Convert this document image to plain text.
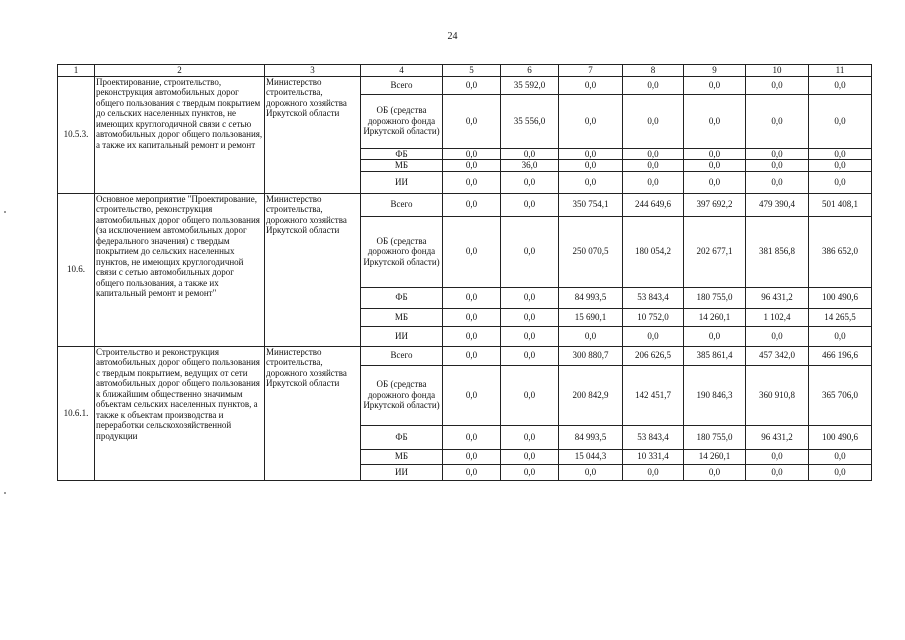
24
1	2	3	4	5	6	7	8	9	10	11
10.5.3.	Проектирование, строительство, реконструкция автомобильных дорог общего пользования с твердым покрытием до сельских населенных пунктов, не имеющих круглогодичной связи с сетью автомобильных дорог общего пользования, а также их капитальный ремонт и ремонт	Министерство строительства, дорожного хозяйства Иркутской области	Всего	0,0	35 592,0	0,0	0,0	0,0	0,0	0,0
			ОБ (средства дорожного фонда Иркутской области)	0,0	35 556,0	0,0	0,0	0,0	0,0	0,0
			ФБ	0,0	0,0	0,0	0,0	0,0	0,0	0,0
			МБ	0,0	36,0	0,0	0,0	0,0	0,0	0,0
			ИИ	0,0	0,0	0,0	0,0	0,0	0,0	0,0
10.6.	Основное мероприятие "Проектирование, строительство, реконструкция автомобильных дорог общего пользования (за исключением автомобильных дорог федерального значения) с твердым покрытием до сельских населенных пунктов, не имеющих круглогодичной связи с сетью автомобильных дорог общего пользования, а также их капитальный ремонт и ремонт"	Министерство строительства, дорожного хозяйства Иркутской области	Всего	0,0	0,0	350 754,1	244 649,6	397 692,2	479 390,4	501 408,1
			ОБ (средства дорожного фонда Иркутской области)	0,0	0,0	250 070,5	180 054,2	202 677,1	381 856,8	386 652,0
			ФБ	0,0	0,0	84 993,5	53 843,4	180 755,0	96 431,2	100 490,6
			МБ	0,0	0,0	15 690,1	10 752,0	14 260,1	1 102,4	14 265,5
			ИИ	0,0	0,0	0,0	0,0	0,0	0,0	0,0
10.6.1.	Строительство и реконструкция автомобильных дорог общего пользования с твердым покрытием, ведущих от сети автомобильных дорог общего пользования к ближайшим общественно значимым объектам сельских населенных пунктов, а также к объектам производства и переработки сельскохозяйственной продукции	Министерство строительства, дорожного хозяйства Иркутской области	Всего	0,0	0,0	300 880,7	206 626,5	385 861,4	457 342,0	466 196,6
			ОБ (средства дорожного фонда Иркутской области)	0,0	0,0	200 842,9	142 451,7	190 846,3	360 910,8	365 706,0
			ФБ	0,0	0,0	84 993,5	53 843,4	180 755,0	96 431,2	100 490,6
			МБ	0,0	0,0	15 044,3	10 331,4	14 260,1	0,0	0,0
			ИИ	0,0	0,0	0,0	0,0	0,0	0,0	0,0
